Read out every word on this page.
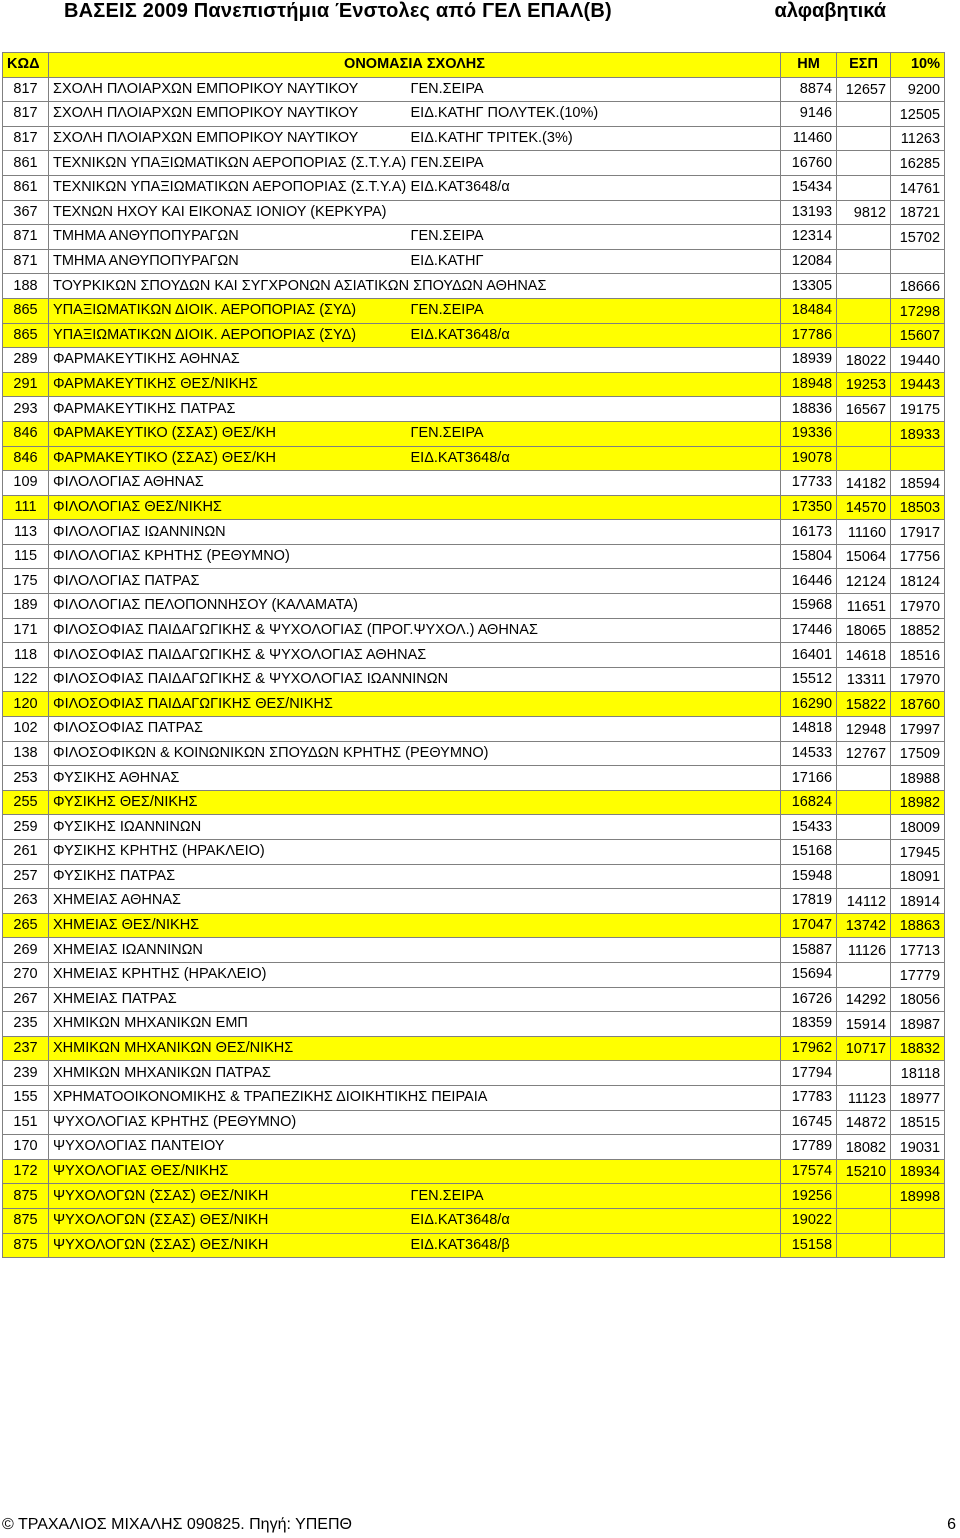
ΒΑΣΕΙΣ 2009 Πανεπιστήμια Ένστολες από ΓΕΛ ΕΠΑΛ(Β)	αλφαβητικά
ΚΩΔ	ΟΝΟΜΑΣΙΑ ΣΧΟΛΗΣ		ΗΜ	ΕΣΠ	10%
817	ΣΧΟΛΗ ΠΛΟΙΑΡΧΩΝ ΕΜΠΟΡΙΚΟΥ ΝΑΥΤΙΚΟΥ	ΓΕΝ.ΣΕΙΡΑ	8874	12657	9200
817	ΣΧΟΛΗ ΠΛΟΙΑΡΧΩΝ ΕΜΠΟΡΙΚΟΥ ΝΑΥΤΙΚΟΥ	ΕΙΔ.ΚΑΤΗΓ ΠΟΛΥΤΕΚ.(10%)	9146		12505
817	ΣΧΟΛΗ ΠΛΟΙΑΡΧΩΝ ΕΜΠΟΡΙΚΟΥ ΝΑΥΤΙΚΟΥ	ΕΙΔ.ΚΑΤΗΓ ΤΡΙΤΕΚ.(3%)	11460		11263
861	ΤΕΧΝΙΚΩΝ ΥΠΑΞΙΩΜΑΤΙΚΩΝ ΑΕΡΟΠΟΡΙΑΣ (Σ.Τ.Υ.Α)	ΓΕΝ.ΣΕΙΡΑ	16760		16285
861	ΤΕΧΝΙΚΩΝ ΥΠΑΞΙΩΜΑΤΙΚΩΝ ΑΕΡΟΠΟΡΙΑΣ (Σ.Τ.Υ.Α)	ΕΙΔ.ΚΑΤ3648/α	15434		14761
367	ΤΕΧΝΩΝ ΗΧΟΥ ΚΑΙ ΕΙΚΟΝΑΣ ΙΟΝΙΟΥ (ΚΕΡΚΥΡΑ)		13193	9812	18721
871	ΤΜΗΜΑ ΑΝΘΥΠΟΠΥΡΑΓΩΝ	ΓΕΝ.ΣΕΙΡΑ	12314		15702
871	ΤΜΗΜΑ ΑΝΘΥΠΟΠΥΡΑΓΩΝ	ΕΙΔ.ΚΑΤΗΓ	12084		
188	ΤΟΥΡΚΙΚΩΝ ΣΠΟΥΔΩΝ ΚΑΙ ΣΥΓΧΡΟΝΩΝ ΑΣΙΑΤΙΚΩΝ ΣΠΟΥΔΩΝ ΑΘΗΝΑΣ		13305		18666
865	ΥΠΑΞΙΩΜΑΤΙΚΩΝ ΔΙΟΙΚ. ΑΕΡΟΠΟΡΙΑΣ (ΣΥΔ)	ΓΕΝ.ΣΕΙΡΑ	18484		17298
865	ΥΠΑΞΙΩΜΑΤΙΚΩΝ ΔΙΟΙΚ. ΑΕΡΟΠΟΡΙΑΣ (ΣΥΔ)	ΕΙΔ.ΚΑΤ3648/α	17786		15607
289	ΦΑΡΜΑΚΕΥΤΙΚΗΣ ΑΘΗΝΑΣ		18939	18022	19440
291	ΦΑΡΜΑΚΕΥΤΙΚΗΣ ΘΕΣ/ΝΙΚΗΣ		18948	19253	19443
293	ΦΑΡΜΑΚΕΥΤΙΚΗΣ ΠΑΤΡΑΣ		18836	16567	19175
846	ΦΑΡΜΑΚΕΥΤΙΚΟ (ΣΣΑΣ) ΘΕΣ/ΚΗ	ΓΕΝ.ΣΕΙΡΑ	19336		18933
846	ΦΑΡΜΑΚΕΥΤΙΚΟ (ΣΣΑΣ) ΘΕΣ/ΚΗ	ΕΙΔ.ΚΑΤ3648/α	19078		
109	ΦΙΛΟΛΟΓΙΑΣ ΑΘΗΝΑΣ		17733	14182	18594
111	ΦΙΛΟΛΟΓΙΑΣ ΘΕΣ/ΝΙΚΗΣ		17350	14570	18503
113	ΦΙΛΟΛΟΓΙΑΣ ΙΩΑΝΝΙΝΩΝ		16173	11160	17917
115	ΦΙΛΟΛΟΓΙΑΣ ΚΡΗΤΗΣ (ΡΕΘΥΜΝΟ)		15804	15064	17756
175	ΦΙΛΟΛΟΓΙΑΣ ΠΑΤΡΑΣ		16446	12124	18124
189	ΦΙΛΟΛΟΓΙΑΣ ΠΕΛΟΠΟΝΝΗΣΟΥ (ΚΑΛΑΜΑΤΑ)		15968	11651	17970
171	ΦΙΛΟΣΟΦΙΑΣ ΠΑΙΔΑΓΩΓΙΚΗΣ & ΨΥΧΟΛΟΓΙΑΣ (ΠΡΟΓ.ΨΥΧΟΛ.) ΑΘΗΝΑΣ		17446	18065	18852
118	ΦΙΛΟΣΟΦΙΑΣ ΠΑΙΔΑΓΩΓΙΚΗΣ & ΨΥΧΟΛΟΓΙΑΣ ΑΘΗΝΑΣ		16401	14618	18516
122	ΦΙΛΟΣΟΦΙΑΣ ΠΑΙΔΑΓΩΓΙΚΗΣ & ΨΥΧΟΛΟΓΙΑΣ ΙΩΑΝΝΙΝΩΝ		15512	13311	17970
120	ΦΙΛΟΣΟΦΙΑΣ ΠΑΙΔΑΓΩΓΙΚΗΣ ΘΕΣ/ΝΙΚΗΣ		16290	15822	18760
102	ΦΙΛΟΣΟΦΙΑΣ ΠΑΤΡΑΣ		14818	12948	17997
138	ΦΙΛΟΣΟΦΙΚΩΝ & ΚΟΙΝΩΝΙΚΩΝ ΣΠΟΥΔΩΝ ΚΡΗΤΗΣ (ΡΕΘΥΜΝΟ)		14533	12767	17509
253	ΦΥΣΙΚΗΣ ΑΘΗΝΑΣ		17166		18988
255	ΦΥΣΙΚΗΣ ΘΕΣ/ΝΙΚΗΣ		16824		18982
259	ΦΥΣΙΚΗΣ ΙΩΑΝΝΙΝΩΝ		15433		18009
261	ΦΥΣΙΚΗΣ ΚΡΗΤΗΣ (ΗΡΑΚΛΕΙΟ)		15168		17945
257	ΦΥΣΙΚΗΣ ΠΑΤΡΑΣ		15948		18091
263	ΧΗΜΕΙΑΣ ΑΘΗΝΑΣ		17819	14112	18914
265	ΧΗΜΕΙΑΣ ΘΕΣ/ΝΙΚΗΣ		17047	13742	18863
269	ΧΗΜΕΙΑΣ ΙΩΑΝΝΙΝΩΝ		15887	11126	17713
270	ΧΗΜΕΙΑΣ ΚΡΗΤΗΣ (ΗΡΑΚΛΕΙΟ)		15694		17779
267	ΧΗΜΕΙΑΣ ΠΑΤΡΑΣ		16726	14292	18056
235	ΧΗΜΙΚΩΝ ΜΗΧΑΝΙΚΩΝ ΕΜΠ		18359	15914	18987
237	ΧΗΜΙΚΩΝ ΜΗΧΑΝΙΚΩΝ ΘΕΣ/ΝΙΚΗΣ		17962	10717	18832
239	ΧΗΜΙΚΩΝ ΜΗΧΑΝΙΚΩΝ ΠΑΤΡΑΣ		17794		18118
155	ΧΡΗΜΑΤΟΟΙΚΟΝΟΜΙΚΗΣ & ΤΡΑΠΕΖΙΚΗΣ ΔΙΟΙΚΗΤΙΚΗΣ ΠΕΙΡΑΙΑ		17783	11123	18977
151	ΨΥΧΟΛΟΓΙΑΣ ΚΡΗΤΗΣ (ΡΕΘΥΜΝΟ)		16745	14872	18515
170	ΨΥΧΟΛΟΓΙΑΣ ΠΑΝΤΕΙΟΥ		17789	18082	19031
172	ΨΥΧΟΛΟΓΙΑΣ ΘΕΣ/ΝΙΚΗΣ		17574	15210	18934
875	ΨΥΧΟΛΟΓΩΝ (ΣΣΑΣ) ΘΕΣ/ΝΙΚΗ	ΓΕΝ.ΣΕΙΡΑ	19256		18998
875	ΨΥΧΟΛΟΓΩΝ (ΣΣΑΣ) ΘΕΣ/ΝΙΚΗ	ΕΙΔ.ΚΑΤ3648/α	19022		
875	ΨΥΧΟΛΟΓΩΝ (ΣΣΑΣ) ΘΕΣ/ΝΙΚΗ	ΕΙΔ.ΚΑΤ3648/β	15158		
© ΤΡΑΧΑΛΙΟΣ ΜΙΧΑΛΗΣ 090825. Πηγή: ΥΠΕΠΘ	6
